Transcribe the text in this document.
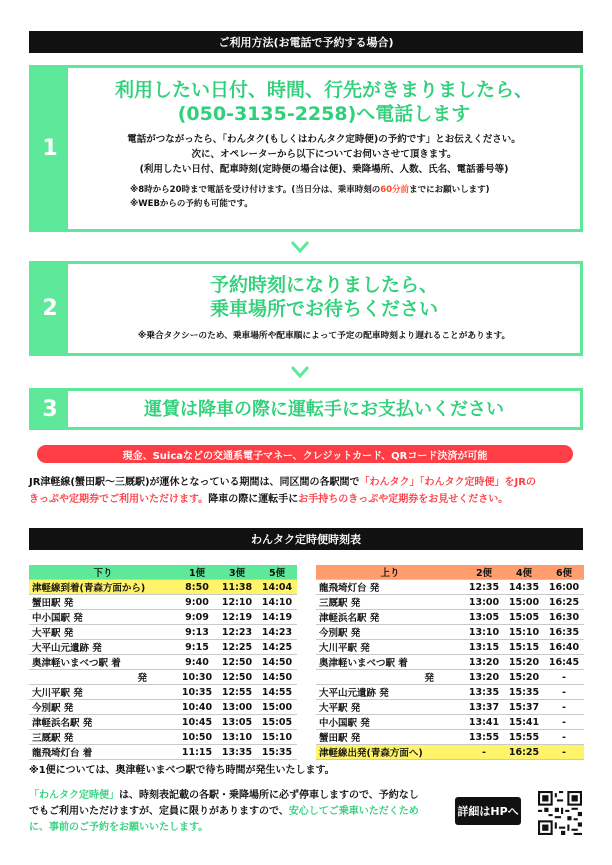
ご利用方法(お電話で予約する場合)
1
利用したい日付、時間、行先がきまりましたら、
(050-3135-2258)へ電話します
電話がつながったら、「わんタク(もしくはわんタク定時便)の予約です」とお伝えください。
次に、オペレーターから以下についてお伺いさせて頂きます。
(利用したい日付、配車時刻(定時便の場合は便)、乗降場所、人数、氏名、電話番号等)
※8時から20時まで電話を受け付けます。(当日分は、乗車時刻の60分前までにお願いします)
※WEBからの予約も可能です。
2
予約時刻になりましたら、
乗車場所でお待ちください
※乗合タクシーのため、乗車場所や配車順によって予定の配車時刻より遅れることがあります。
3	運賃は降車の際に運転手にお支払いください
現金、Suicaなどの交通系電子マネー、クレジットカード、QRコード決済が可能
JR津軽線(蟹田駅〜三厩駅)が運休となっている期間は、同区間の各駅間で「わんタク」「わんタク定時便」をJRの
きっぷや定期券でご利用いただけます。降車の際に運転手にお手持ちのきっぷや定期券をお見せください。
わんタク定時便時刻表
下り	1便	3便	5便
津軽線到着(青森方面から)	8:50	11:38	14:04
蟹田駅 発	9:00	12:10	14:10
中小国駅 発	9:09	12:19	14:19
大平駅 発	9:13	12:23	14:23
大平山元遺跡 発	9:15	12:25	14:25
奥津軽いまべつ駅 着	9:40	12:50	14:50
発	10:30	12:50	14:50
大川平駅 発	10:35	12:55	14:55
今別駅 発	10:40	13:00	15:00
津軽浜名駅 発	10:45	13:05	15:05
三厩駅 発	10:50	13:10	15:10
龍飛埼灯台 着	11:15	13:35	15:35
上り	2便	4便	6便
龍飛埼灯台 発	12:35	14:35	16:00
三厩駅 発	13:00	15:00	16:25
津軽浜名駅 発	13:05	15:05	16:30
今別駅 発	13:10	15:10	16:35
大川平駅 発	13:15	15:15	16:40
奥津軽いまべつ駅 着	13:20	15:20	16:45
発	13:20	15:20	-
大平山元遺跡 発	13:35	15:35	-
大平駅 発	13:37	15:37	-
中小国駅 発	13:41	15:41	-
蟹田駅 発	13:55	15:55	-
津軽線出発(青森方面へ)	-	16:25	-
※1便については、奥津軽いまべつ駅で待ち時間が発生いたします。
「わんタク定時便」は、時刻表記載の各駅・乗降場所に必ず停車しますので、予約なし
でもご利用いただけますが、定員に限りがありますので、安心してご乗車いただくため
に、事前のご予約をお願いいたします。
詳細はHPへ
